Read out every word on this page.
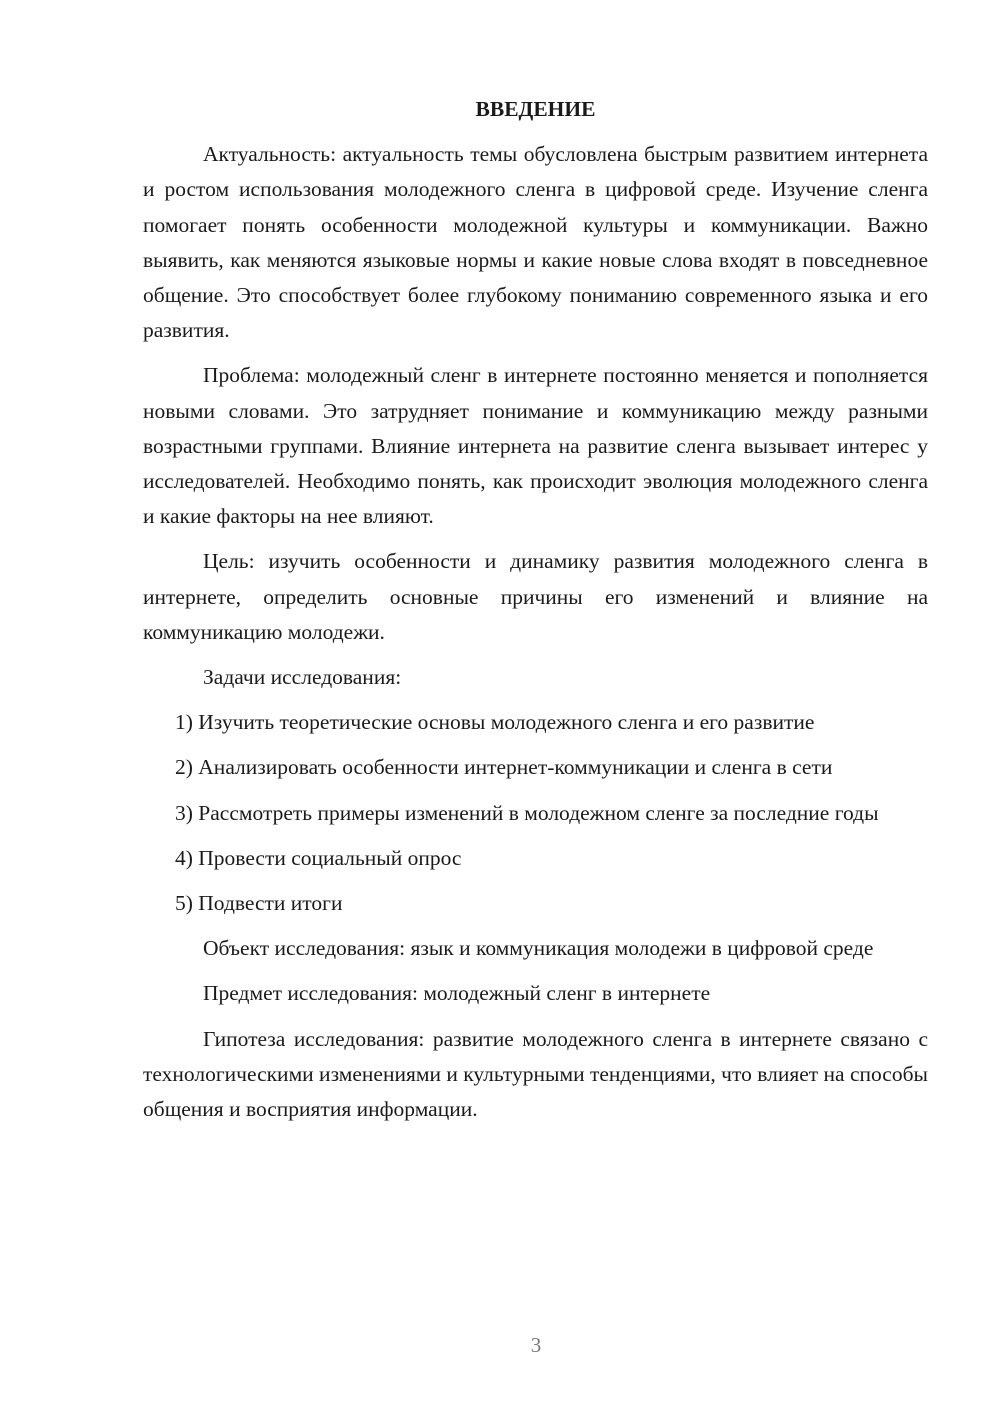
ВВЕДЕНИЕ

Актуальность: актуальность темы обусловлена быстрым развитием интернета и ростом использования молодежного сленга в цифровой среде. Изучение сленга помогает понять особенности молодежной культуры и коммуникации. Важно выявить, как меняются языковые нормы и какие новые слова входят в повседневное общение. Это способствует более глубокому пониманию современного языка и его развития.

Проблема: молодежный сленг в интернете постоянно меняется и пополняется новыми словами. Это затрудняет понимание и коммуникацию между разными возрастными группами. Влияние интернета на развитие сленга вызывает интерес у исследователей. Необходимо понять, как происходит эволюция молодежного сленга и какие факторы на нее влияют.

Цель: изучить особенности и динамику развития молодежного сленга в интернете, определить основные причины его изменений и влияние на коммуникацию молодежи.

Задачи исследования:

1) Изучить теоретические основы молодежного сленга и его развитие

2) Анализировать особенности интернет-коммуникации и сленга в сети

3) Рассмотреть примеры изменений в молодежном сленге за последние годы

4) Провести социальный опрос

5) Подвести итоги

Объект исследования: язык и коммуникация молодежи в цифровой среде

Предмет исследования: молодежный сленг в интернете

Гипотеза исследования: развитие молодежного сленга в интернете связано с технологическими изменениями и культурными тенденциями, что влияет на способы общения и восприятия информации.

3
